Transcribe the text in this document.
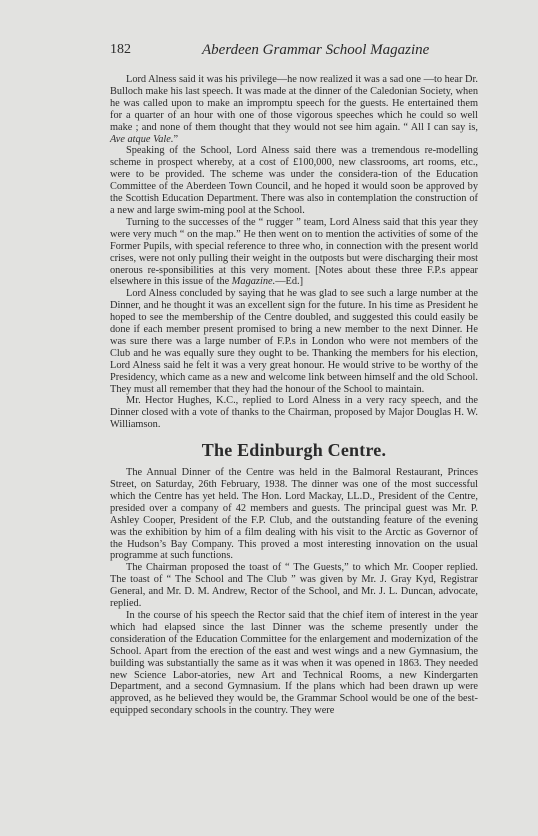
182	Aberdeen Grammar School Magazine

Lord Alness said it was his privilege—he now realized it was a sad one —to hear Dr. Bulloch make his last speech. It was made at the dinner of the Caledonian Society, when he was called upon to make an impromptu speech for the guests. He entertained them for a quarter of an hour with one of those vigorous speeches which he could so well make ; and none of them thought that they would not see him again. “ All I can say is, Ave atque Vale.”

Speaking of the School, Lord Alness said there was a tremendous re-modelling scheme in prospect whereby, at a cost of £100,000, new classrooms, art rooms, etc., were to be provided. The scheme was under the considera-tion of the Education Committee of the Aberdeen Town Council, and he hoped it would soon be approved by the Scottish Education Department. There was also in contemplation the construction of a new and large swim-ming pool at the School.

Turning to the successes of the “ rugger ” team, Lord Alness said that this year they were very much “ on the map.” He then went on to mention the activities of some of the Former Pupils, with special reference to three who, in connection with the present world crises, were not only pulling their weight in the outposts but were discharging their most onerous re-sponsibilities at this very moment. [Notes about these three F.P.s appear elsewhere in this issue of the Magazine.—Ed.]

Lord Alness concluded by saying that he was glad to see such a large number at the Dinner, and he thought it was an excellent sign for the future. In his time as President he hoped to see the membership of the Centre doubled, and suggested this could easily be done if each member present promised to bring a new member to the next Dinner. He was sure there was a large number of F.P.s in London who were not members of the Club and he was equally sure they ought to be. Thanking the members for his election, Lord Alness said he felt it was a very great honour. He would strive to be worthy of the Presidency, which came as a new and welcome link between himself and the old School. They must all remember that they had the honour of the School to maintain.

Mr. Hector Hughes, K.C., replied to Lord Alness in a very racy speech, and the Dinner closed with a vote of thanks to the Chairman, proposed by Major Douglas H. W. Williamson.

The Edinburgh Centre.

The Annual Dinner of the Centre was held in the Balmoral Restaurant, Princes Street, on Saturday, 26th February, 1938. The dinner was one of the most successful which the Centre has yet held. The Hon. Lord Mackay, LL.D., President of the Centre, presided over a company of 42 members and guests. The principal guest was Mr. P. Ashley Cooper, President of the F.P. Club, and the outstanding feature of the evening was the exhibition by him of a film dealing with his visit to the Arctic as Governor of the Hudson’s Bay Company. This proved a most interesting innovation on the usual programme at such functions.

The Chairman proposed the toast of “ The Guests,” to which Mr. Cooper replied. The toast of “ The School and The Club ” was given by Mr. J. Gray Kyd, Registrar General, and Mr. D. M. Andrew, Rector of the School, and Mr. J. L. Duncan, advocate, replied.

In the course of his speech the Rector said that the chief item of interest in the year which had elapsed since the last Dinner was the scheme presently under the consideration of the Education Committee for the enlargement and modernization of the School. Apart from the erection of the east and west wings and a new Gymnasium, the building was substantially the same as it was when it was opened in 1863. They needed new Science Labor-atories, new Art and Technical Rooms, a new Kindergarten Department, and a second Gymnasium. If the plans which had been drawn up were approved, as he believed they would be, the Grammar School would be one of the best-equipped secondary schools in the country. They were
